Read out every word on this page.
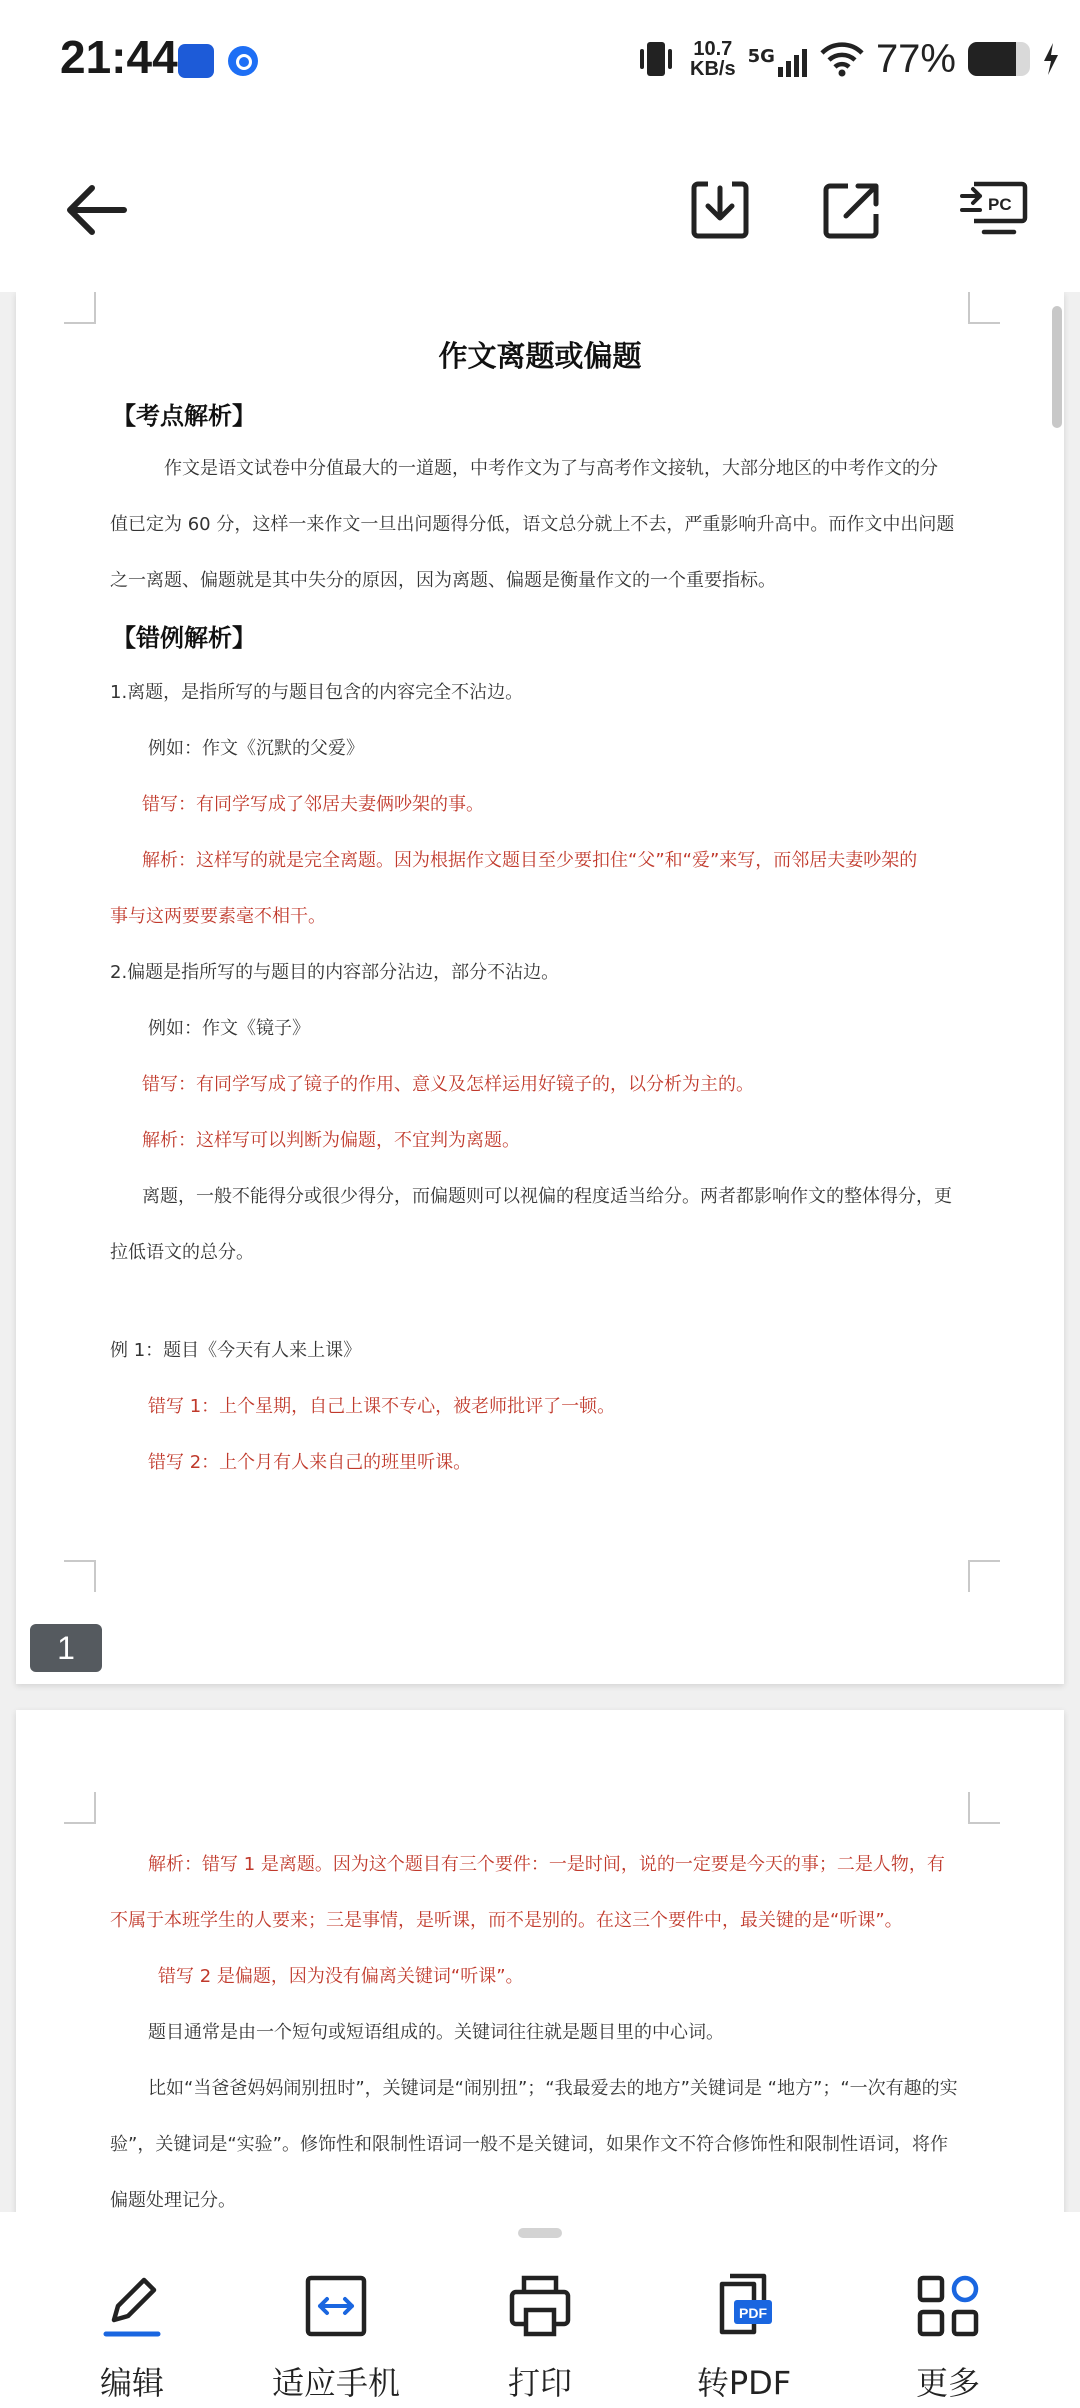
21:44	10.7
KB/s
5G	77%
PC
作文离题或偏题
【考点解析】
作文是语文试卷中分值最大的一道题，中考作文为了与高考作文接轨，大部分地区的中考作文的分
值已定为 60 分，这样一来作文一旦出问题得分低，语文总分就上不去，严重影响升高中。而作文中出问题
之一离题、偏题就是其中失分的原因，因为离题、偏题是衡量作文的一个重要指标。
【错例解析】
1.离题，是指所写的与题目包含的内容完全不沾边。
例如：作文《沉默的父爱》
错写：有同学写成了邻居夫妻俩吵架的事。
解析：这样写的就是完全离题。因为根据作文题目至少要扣住“父”和“爱”来写，而邻居夫妻吵架的
事与这两要要素毫不相干。
2.偏题是指所写的与题目的内容部分沾边，部分不沾边。
例如：作文《镜子》
错写：有同学写成了镜子的作用、意义及怎样运用好镜子的，以分析为主的。
解析：这样写可以判断为偏题，不宜判为离题。
离题，一般不能得分或很少得分，而偏题则可以视偏的程度适当给分。两者都影响作文的整体得分，更
拉低语文的总分。
例 1：题目《今天有人来上课》
错写 1：上个星期，自己上课不专心，被老师批评了一顿。
错写 2：上个月有人来自己的班里听课。
解析：错写 1 是离题。因为这个题目有三个要件：一是时间，说的一定要是今天的事；二是人物，有
不属于本班学生的人要来；三是事情，是听课，而不是别的。在这三个要件中，最关键的是“听课”。
错写 2 是偏题，因为没有偏离关键词“听课”。
题目通常是由一个短句或短语组成的。关键词往往就是题目里的中心词。
比如“当爸爸妈妈闹别扭时”，关键词是“闹别扭”；“我最爱去的地方”关键词是 “地方”；“一次有趣的实
验”，关键词是“实验”。修饰性和限制性语词一般不是关键词，如果作文不符合修饰性和限制性语词，将作
偏题处理记分。
1
编辑	适应手机	打印
PDF
转PDF	更多
